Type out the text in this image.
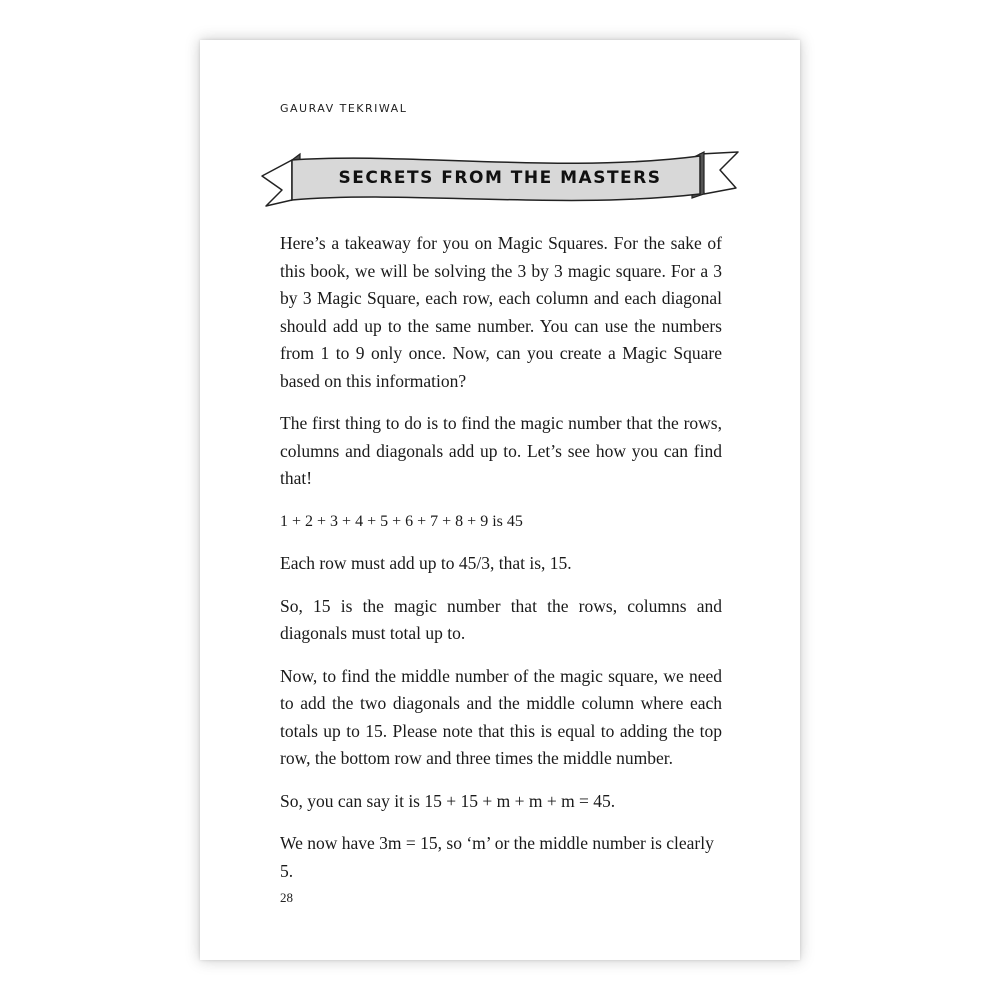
GAURAV TEKRIWAL
SECRETS FROM THE MASTERS

Here’s a takeaway for you on Magic Squares. For the sake of this book, we will be solving the 3 by 3 magic square. For a 3 by 3 Magic Square, each row, each column and each diagonal should add up to the same number. You can use the numbers from 1 to 9 only once. Now, can you create a Magic Square based on this information?

The first thing to do is to find the magic number that the rows, columns and diagonals add up to. Let’s see how you can find that!

1 + 2 + 3 + 4 + 5 + 6 + 7 + 8 + 9 is 45

Each row must add up to 45/3, that is, 15.

So, 15 is the magic number that the rows, columns and diagonals must total up to.

Now, to find the middle number of the magic square, we need to add the two diagonals and the middle column where each totals up to 15. Please note that this is equal to adding the top row, the bottom row and three times the middle number.

So, you can say it is 15 + 15 + m + m + m = 45.

We now have 3m = 15, so ‘m’ or the middle number is clearly 5.

28
